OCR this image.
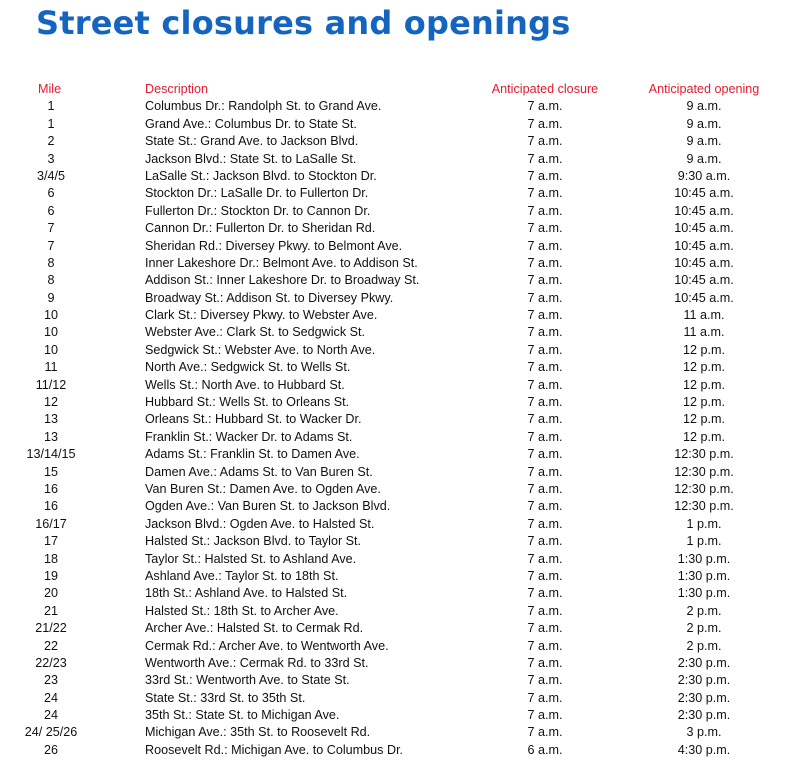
Street closures and openings
Mile	Description	Anticipated closure	Anticipated opening
1	Columbus Dr.: Randolph St. to Grand Ave.	7 a.m.	9 a.m.
1	Grand Ave.: Columbus Dr. to State St.	7 a.m.	9 a.m.
2	State St.: Grand Ave. to Jackson Blvd.	7 a.m.	9 a.m.
3	Jackson Blvd.: State St. to LaSalle St.	7 a.m.	9 a.m.
3/4/5	LaSalle St.: Jackson Blvd. to Stockton Dr.	7 a.m.	9:30 a.m.
6	Stockton Dr.: LaSalle Dr. to Fullerton Dr.	7 a.m.	10:45 a.m.
6	Fullerton Dr.: Stockton Dr. to Cannon Dr.	7 a.m.	10:45 a.m.
7	Cannon Dr.: Fullerton Dr. to Sheridan Rd.	7 a.m.	10:45 a.m.
7	Sheridan Rd.: Diversey Pkwy. to Belmont Ave.	7 a.m.	10:45 a.m.
8	Inner Lakeshore Dr.: Belmont Ave. to Addison St.	7 a.m.	10:45 a.m.
8	Addison St.: Inner Lakeshore Dr. to Broadway St.	7 a.m.	10:45 a.m.
9	Broadway St.: Addison St. to Diversey Pkwy.	7 a.m.	10:45 a.m.
10	Clark St.: Diversey Pkwy. to Webster Ave.	7 a.m.	11 a.m.
10	Webster Ave.: Clark St. to Sedgwick St.	7 a.m.	11 a.m.
10	Sedgwick St.: Webster Ave. to North Ave.	7 a.m.	12 p.m.
11	North Ave.: Sedgwick St. to Wells St.	7 a.m.	12 p.m.
11/12	Wells St.: North Ave. to Hubbard St.	7 a.m.	12 p.m.
12	Hubbard St.: Wells St. to Orleans St.	7 a.m.	12 p.m.
13	Orleans St.: Hubbard St. to Wacker Dr.	7 a.m.	12 p.m.
13	Franklin St.: Wacker Dr. to Adams St.	7 a.m.	12 p.m.
13/14/15	Adams St.: Franklin St. to Damen Ave.	7 a.m.	12:30 p.m.
15	Damen Ave.: Adams St. to Van Buren St.	7 a.m.	12:30 p.m.
16	Van Buren St.: Damen Ave. to Ogden Ave.	7 a.m.	12:30 p.m.
16	Ogden Ave.: Van Buren St. to Jackson Blvd.	7 a.m.	12:30 p.m.
16/17	Jackson Blvd.: Ogden Ave. to Halsted St.	7 a.m.	1 p.m.
17	Halsted St.: Jackson Blvd. to Taylor St.	7 a.m.	1 p.m.
18	Taylor St.: Halsted St. to Ashland Ave.	7 a.m.	1:30 p.m.
19	Ashland Ave.: Taylor St. to 18th St.	7 a.m.	1:30 p.m.
20	18th St.: Ashland Ave. to Halsted St.	7 a.m.	1:30 p.m.
21	Halsted St.: 18th St. to Archer Ave.	7 a.m.	2 p.m.
21/22	Archer Ave.: Halsted St. to Cermak Rd.	7 a.m.	2 p.m.
22	Cermak Rd.: Archer Ave. to Wentworth Ave.	7 a.m.	2 p.m.
22/23	Wentworth Ave.: Cermak Rd. to 33rd St.	7 a.m.	2:30 p.m.
23	33rd St.: Wentworth Ave. to State St.	7 a.m.	2:30 p.m.
24	State St.: 33rd St. to 35th St.	7 a.m.	2:30 p.m.
24	35th St.: State St. to Michigan Ave.	7 a.m.	2:30 p.m.
24/ 25/26	Michigan Ave.: 35th St. to Roosevelt Rd.	7 a.m.	3 p.m.
26	Roosevelt Rd.: Michigan Ave. to Columbus Dr.	6 a.m.	4:30 p.m.
